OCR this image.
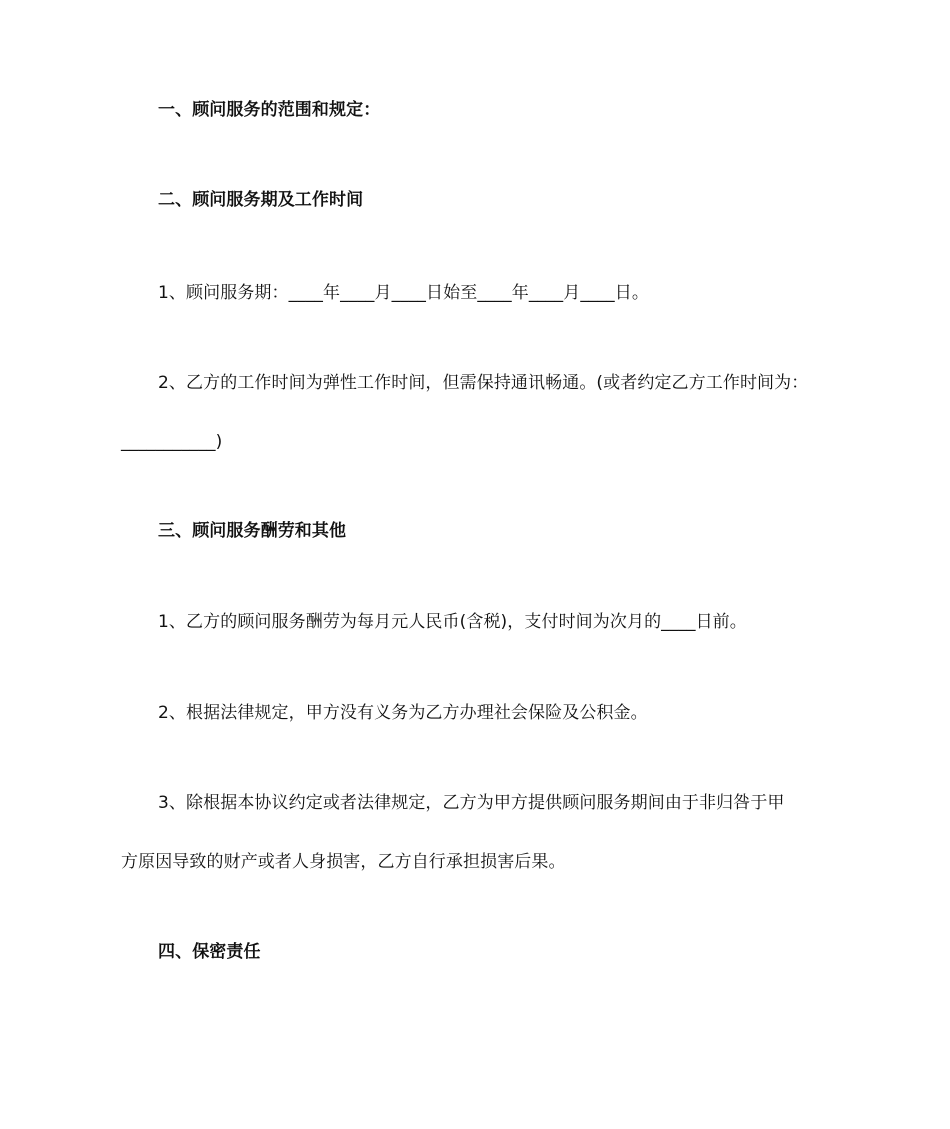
一、顾问服务的范围和规定：
二、顾问服务期及工作时间
1、顾问服务期：____年____月____日始至____年____月____日。
2、乙方的工作时间为弹性工作时间，但需保持通讯畅通。(或者约定乙方工作时间为：
___________)
三、顾问服务酬劳和其他
1、乙方的顾问服务酬劳为每月元人民币(含税)，支付时间为次月的____日前。
2、根据法律规定，甲方没有义务为乙方办理社会保险及公积金。
3、除根据本协议约定或者法律规定，乙方为甲方提供顾问服务期间由于非归咎于甲
方原因导致的财产或者人身损害，乙方自行承担损害后果。
四、保密责任
